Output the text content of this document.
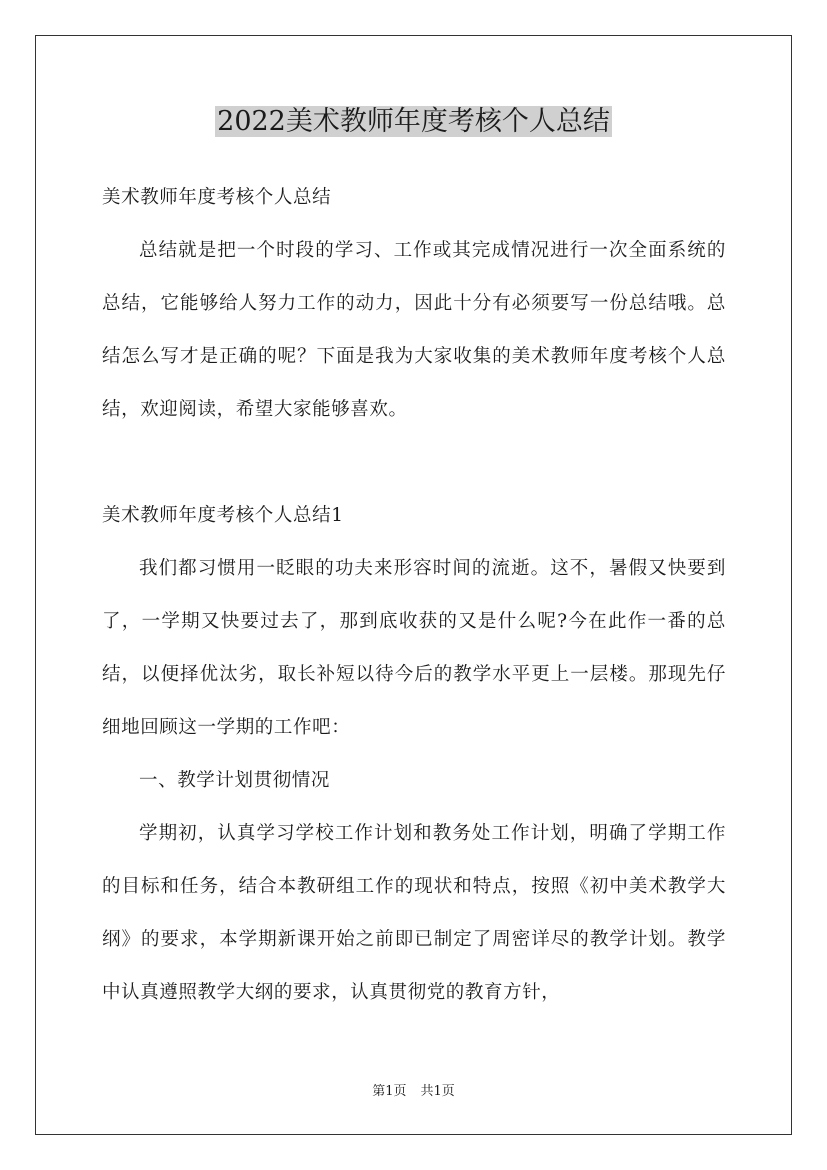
2022美术教师年度考核个人总结

美术教师年度考核个人总结

总结就是把一个时段的学习、工作或其完成情况进行一次全面系统的总结，它能够给人努力工作的动力，因此十分有必须要写一份总结哦。总结怎么写才是正确的呢？下面是我为大家收集的美术教师年度考核个人总结，欢迎阅读，希望大家能够喜欢。

美术教师年度考核个人总结1

我们都习惯用一眨眼的功夫来形容时间的流逝。这不，暑假又快要到了，一学期又快要过去了，那到底收获的又是什么呢?今在此作一番的总结，以便择优汰劣，取长补短以待今后的教学水平更上一层楼。那现先仔细地回顾这一学期的工作吧：

一、教学计划贯彻情况

学期初，认真学习学校工作计划和教务处工作计划，明确了学期工作的目标和任务，结合本教研组工作的现状和特点，按照《初中美术教学大纲》的要求，本学期新课开始之前即已制定了周密详尽的教学计划。教学中认真遵照教学大纲的要求，认真贯彻党的教育方针，

第1页 共1页
